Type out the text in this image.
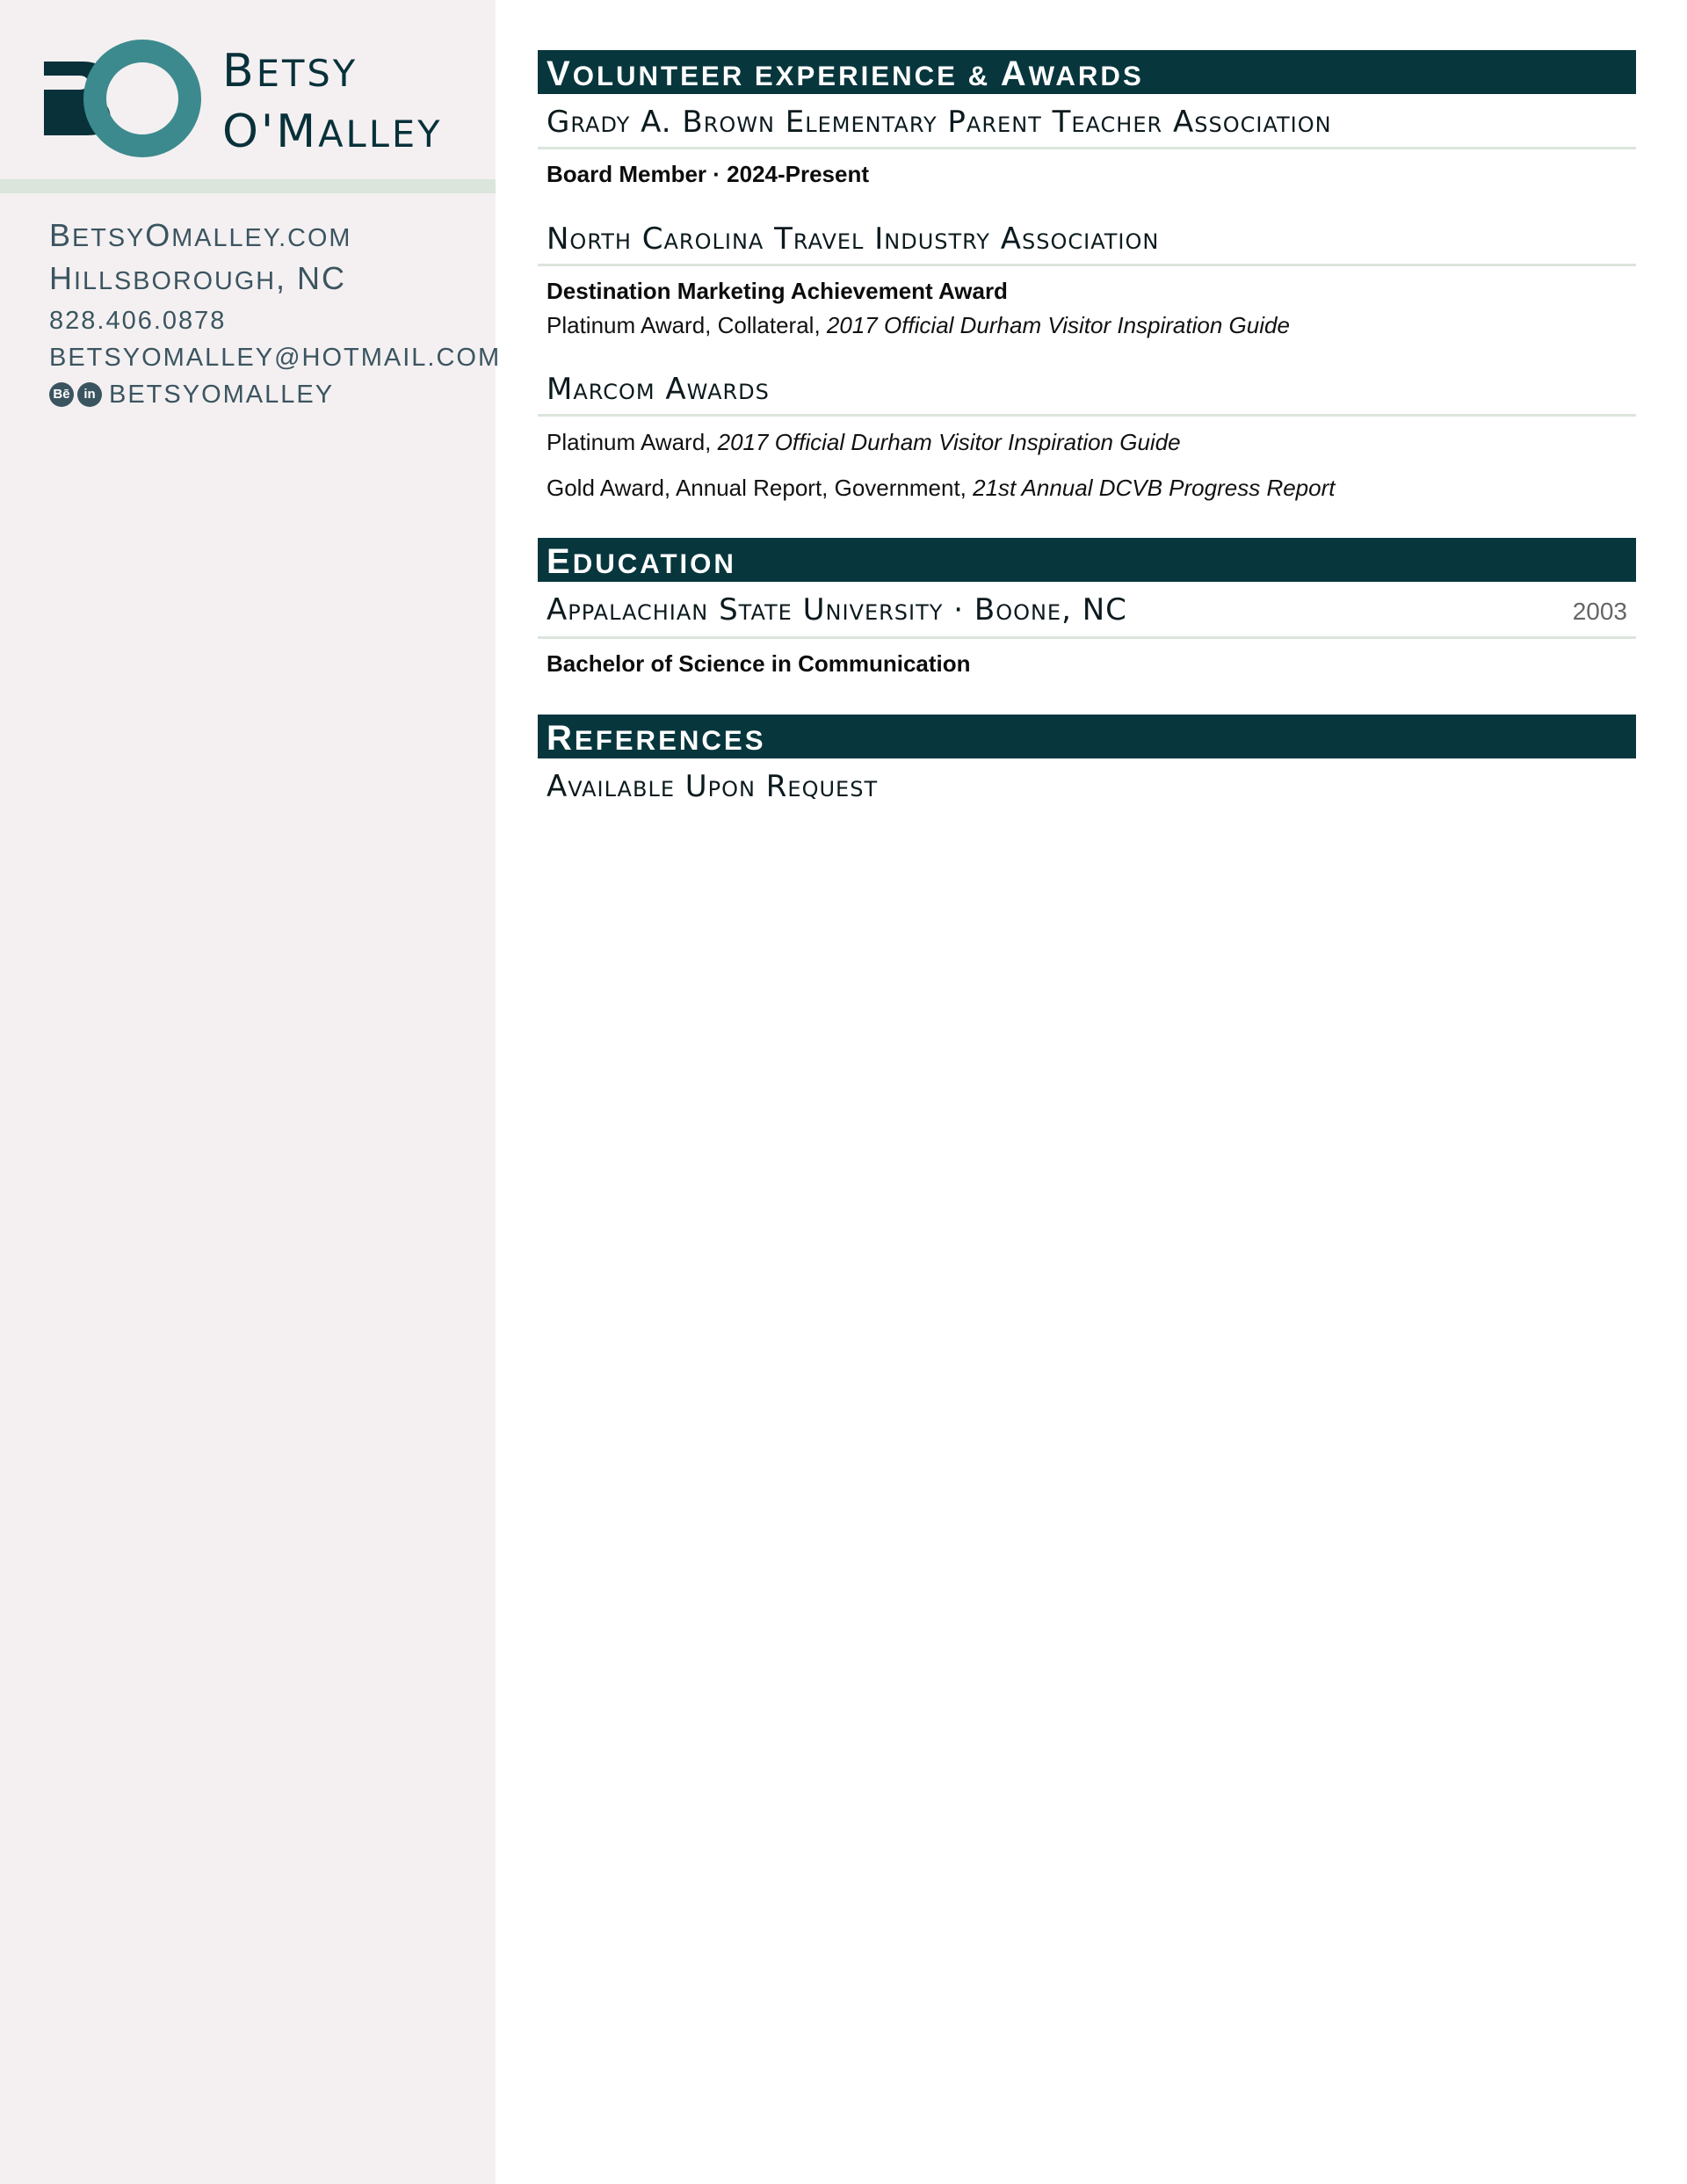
BETSY
O'MALLEY
BETSYOMALLEY.COM
HILLSBOROUGH, NC
828.406.0878
BETSYOMALLEY@HOTMAIL.COM
Bē	in BETSYOMALLEY
VOLUNTEER EXPERIENCE & AWARDS
Grady A. Brown Elementary Parent Teacher Association
Board Member · 2024-Present
North Carolina Travel Industry Association
Destination Marketing Achievement Award
Platinum Award, Collateral, 2017 Official Durham Visitor Inspiration Guide
Marcom Awards
Platinum Award, 2017 Official Durham Visitor Inspiration Guide
Gold Award, Annual Report, Government, 21st Annual DCVB Progress Report
EDUCATION
Appalachian State University · Boone, NC	2003
Bachelor of Science in Communication
REFERENCES
Available Upon Request
